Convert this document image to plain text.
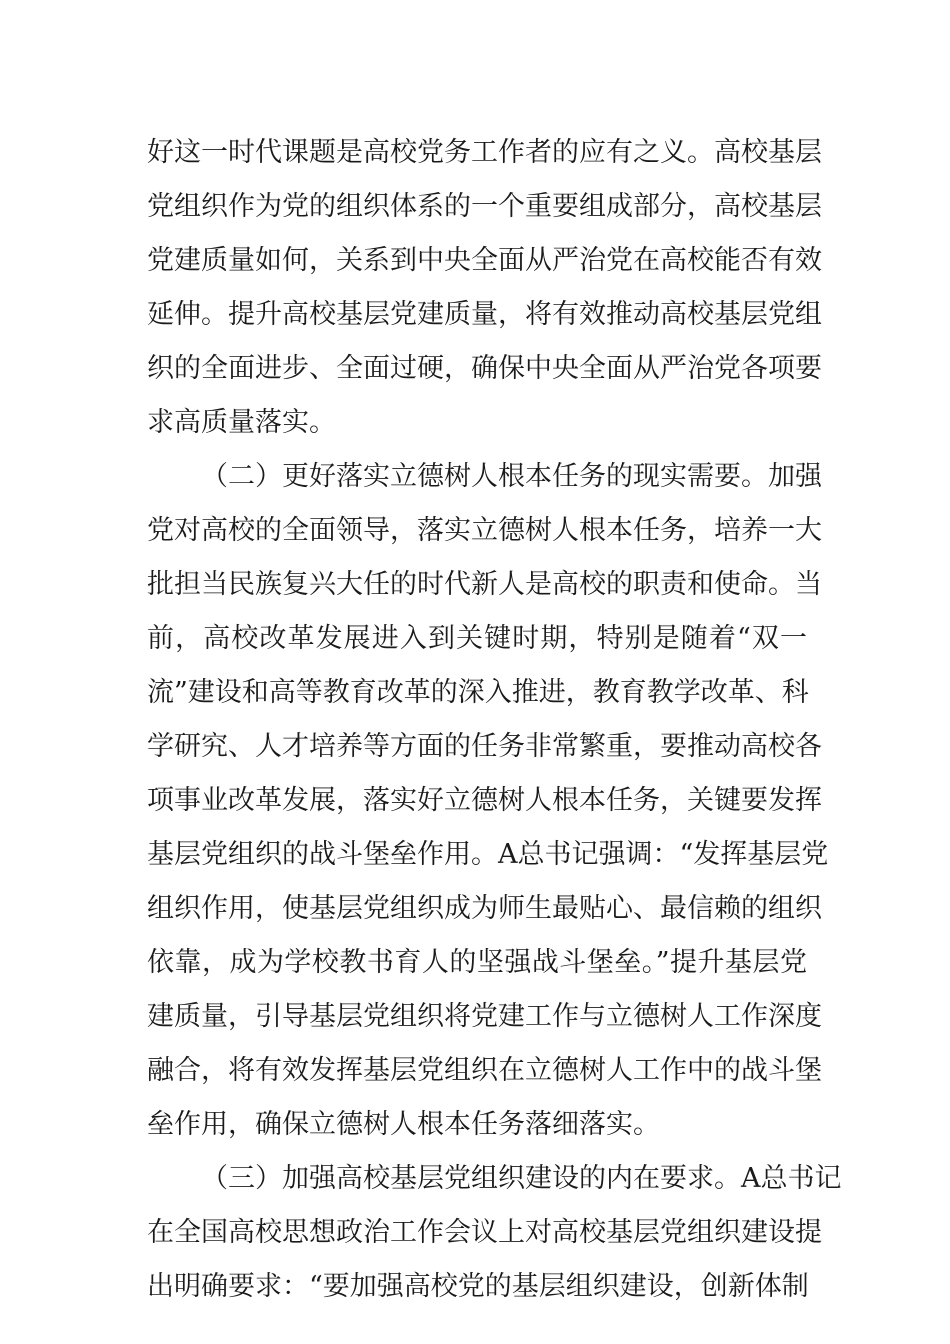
好这一时代课题是高校党务工作者的应有之义。高校基层
党组织作为党的组织体系的一个重要组成部分，高校基层
党建质量如何，关系到中央全面从严治党在高校能否有效
延伸。提升高校基层党建质量，将有效推动高校基层党组
织的全面进步、全面过硬，确保中央全面从严治党各项要
求高质量落实。
（二）更好落实立德树人根本任务的现实需要。加强
党对高校的全面领导，落实立德树人根本任务，培养一大
批担当民族复兴大任的时代新人是高校的职责和使命。当
前，高校改革发展进入到关键时期，特别是随着“双一
流”建设和高等教育改革的深入推进，教育教学改革、科
学研究、人才培养等方面的任务非常繁重，要推动高校各
项事业改革发展，落实好立德树人根本任务，关键要发挥
基层党组织的战斗堡垒作用。A总书记强调：“发挥基层党
组织作用，使基层党组织成为师生最贴心、最信赖的组织
依靠，成为学校教书育人的坚强战斗堡垒。”提升基层党
建质量，引导基层党组织将党建工作与立德树人工作深度
融合，将有效发挥基层党组织在立德树人工作中的战斗堡
垒作用，确保立德树人根本任务落细落实。
（三）加强高校基层党组织建设的内在要求。A总书记
在全国高校思想政治工作会议上对高校基层党组织建设提
出明确要求：“要加强高校党的基层组织建设，创新体制
